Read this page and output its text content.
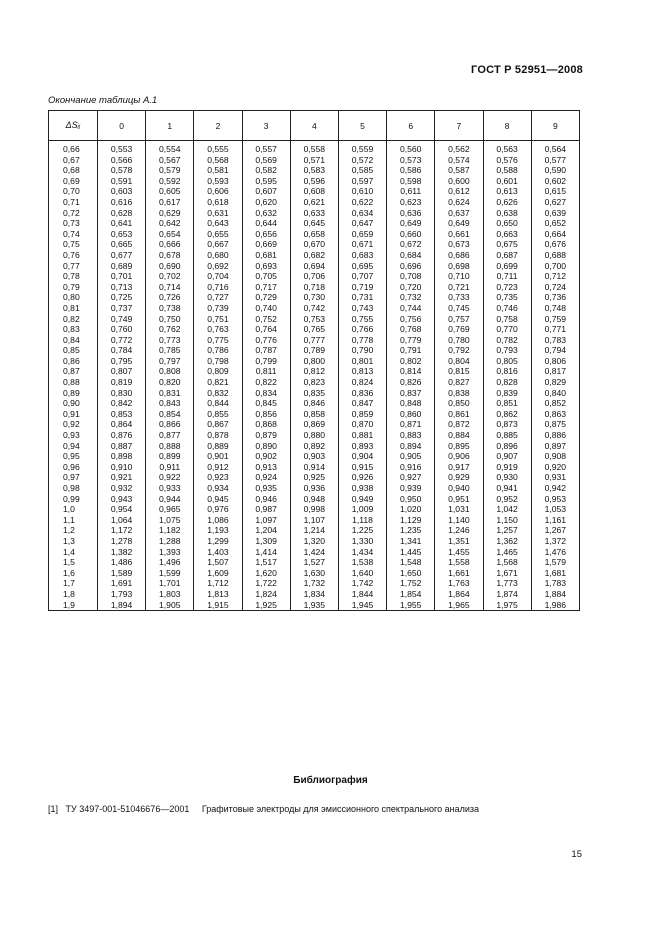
ГОСТ Р 52951—2008
Окончание таблицы А.1
ΔSᵢⱼ	0	1	2	3	4	5	6	7	8	9

0,66	0,553	0,554	0,555	0,557	0,558	0,559	0,560	0,562	0,563	0,564
0,67	0,566	0,567	0,568	0,569	0,571	0,572	0,573	0,574	0,576	0,577
0,68	0,578	0,579	0,581	0,582	0,583	0,585	0,586	0,587	0,588	0,590
0,69	0,591	0,592	0,593	0,595	0,596	0,597	0,598	0,600	0,601	0,602
0,70	0,603	0,605	0,606	0,607	0,608	0,610	0,611	0,612	0,613	0,615
0,71	0,616	0,617	0,618	0,620	0,621	0,622	0,623	0,624	0,626	0,627
0,72	0,628	0,629	0,631	0,632	0,633	0,634	0,636	0,637	0,638	0,639
0,73	0,641	0,642	0,643	0,644	0,645	0,647	0,649	0,649	0,650	0,652
0,74	0,653	0,654	0,655	0,656	0,658	0,659	0,660	0,661	0,663	0,664
0,75	0,665	0,666	0,667	0,669	0,670	0,671	0,672	0,673	0,675	0,676
0,76	0,677	0,678	0,680	0,681	0,682	0,683	0,684	0,686	0,687	0,688
0,77	0,689	0,690	0,692	0,693	0,694	0,695	0,696	0,698	0,699	0,700
0,78	0,701	0,702	0,704	0,705	0,706	0,707	0,708	0,710	0,711	0,712
0,79	0,713	0,714	0,716	0,717	0,718	0,719	0,720	0,721	0,723	0,724
0,80	0,725	0,726	0,727	0,729	0,730	0,731	0,732	0,733	0,735	0,736
0,81	0,737	0,738	0,739	0,740	0,742	0,743	0,744	0,745	0,746	0,748
0,82	0,749	0,750	0,751	0,752	0,753	0,755	0,756	0,757	0,758	0,759
0,83	0,760	0,762	0,763	0,764	0,765	0,766	0,768	0,769	0,770	0,771
0,84	0,772	0,773	0,775	0,776	0,777	0,778	0,779	0,780	0,782	0,783
0,85	0,784	0,785	0,786	0,787	0,789	0,790	0,791	0,792	0,793	0,794
0,86	0,795	0,797	0,798	0,799	0,800	0,801	0,802	0,804	0,805	0,806
0,87	0,807	0,808	0,809	0,811	0,812	0,813	0,814	0,815	0,816	0,817
0,88	0,819	0,820	0,821	0,822	0,823	0,824	0,826	0,827	0,828	0,829
0,89	0,830	0,831	0,832	0,834	0,835	0,836	0,837	0,838	0,839	0,840
0,90	0,842	0,843	0,844	0,845	0,846	0,847	0,848	0,850	0,851	0,852
0,91	0,853	0,854	0,855	0,856	0,858	0,859	0,860	0,861	0,862	0,863
0,92	0,864	0,866	0,867	0,868	0,869	0,870	0,871	0,872	0,873	0,875
0,93	0,876	0,877	0,878	0,879	0,880	0,881	0,883	0,884	0,885	0,886
0,94	0,887	0,888	0,889	0,890	0,892	0,893	0,894	0,895	0,896	0,897
0,95	0,898	0,899	0,901	0,902	0,903	0,904	0,905	0,906	0,907	0,908
0,96	0,910	0,911	0,912	0,913	0,914	0,915	0,916	0,917	0,919	0,920
0,97	0,921	0,922	0,923	0,924	0,925	0,926	0,927	0,929	0,930	0,931
0,98	0,932	0,933	0,934	0,935	0,936	0,938	0,939	0,940	0,941	0,942
0,99	0,943	0,944	0,945	0,946	0,948	0,949	0,950	0,951	0,952	0,953
1,0	0,954	0,965	0,976	0,987	0,998	1,009	1,020	1,031	1,042	1,053
1,1	1,064	1,075	1,086	1,097	1,107	1,118	1,129	1,140	1,150	1,161
1,2	1,172	1,182	1,193	1,204	1,214	1,225	1,235	1,246	1,257	1,267
1,3	1,278	1,288	1,299	1,309	1,320	1,330	1,341	1,351	1,362	1,372
1,4	1,382	1,393	1,403	1,414	1,424	1,434	1,445	1,455	1,465	1,476
1,5	1,486	1,496	1,507	1,517	1,527	1,538	1,548	1,558	1,568	1,579
1,6	1,589	1,599	1,609	1,620	1,630	1,640	1,650	1,661	1,671	1,681
1,7	1,691	1,701	1,712	1,722	1,732	1,742	1,752	1,763	1,773	1,783
1,8	1,793	1,803	1,813	1,824	1,834	1,844	1,854	1,864	1,874	1,884
1,9	1,894	1,905	1,915	1,925	1,935	1,945	1,955	1,965	1,975	1,986
Библиография
[1] ТУ 3497-001-51046676—2001 Графитовые электроды для эмиссионного спектрального анализа
15
